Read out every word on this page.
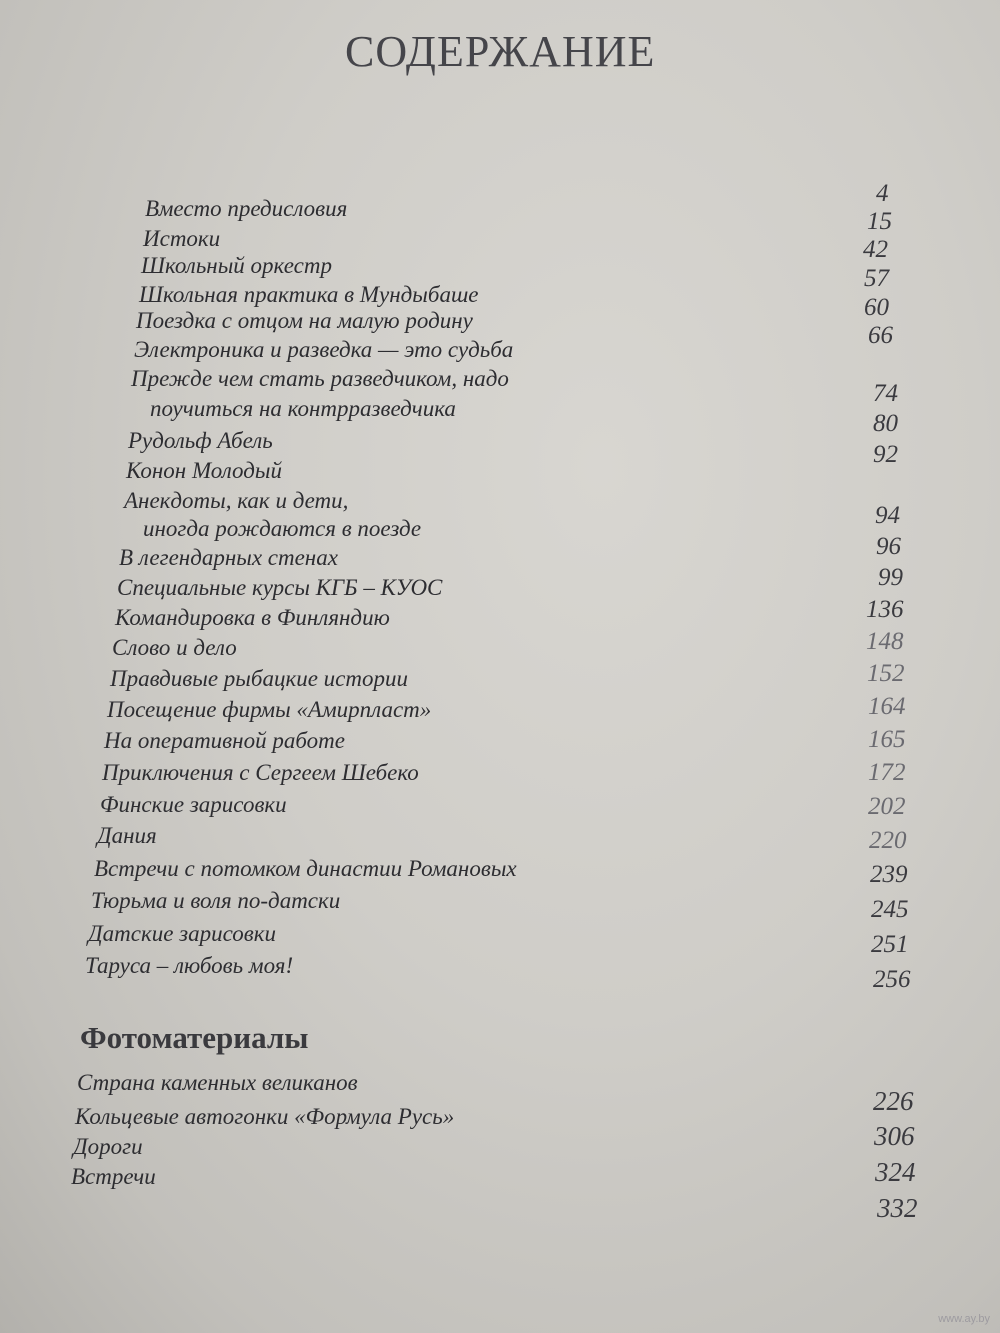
СОДЕРЖАНИЕ
Вместо предисловия
Истоки
Школьный оркестр
Школьная практика в Мундыбаше
Поездка с отцом на малую родину
Электроника и разведка — это судьба
Прежде чем стать разведчиком, надо
поучиться на контрразведчика
Рудольф Абель
Конон Молодый
Анекдоты, как и дети,
иногда рождаются в поезде
В легендарных стенах
Специальные курсы КГБ – КУОС
Командировка в Финляндию
Слово и дело
Правдивые рыбацкие истории
Посещение фирмы «Амирпласт»
На оперативной работе
Приключения с Сергеем Шебеко
Финские зарисовки
Дания
Встречи с потомком династии Романовых
Тюрьма и воля по-датски
Датские зарисовки
Таруса – любовь моя!
4
15
42
57
60
66
74
80
92
94
96
99
136
148
152
164
165
172
202
220
239
245
251
256
Фотоматериалы
Страна каменных великанов
Кольцевые автогонки «Формула Русь»
Дороги
Встречи
226
306
324
332
www.ay.by
